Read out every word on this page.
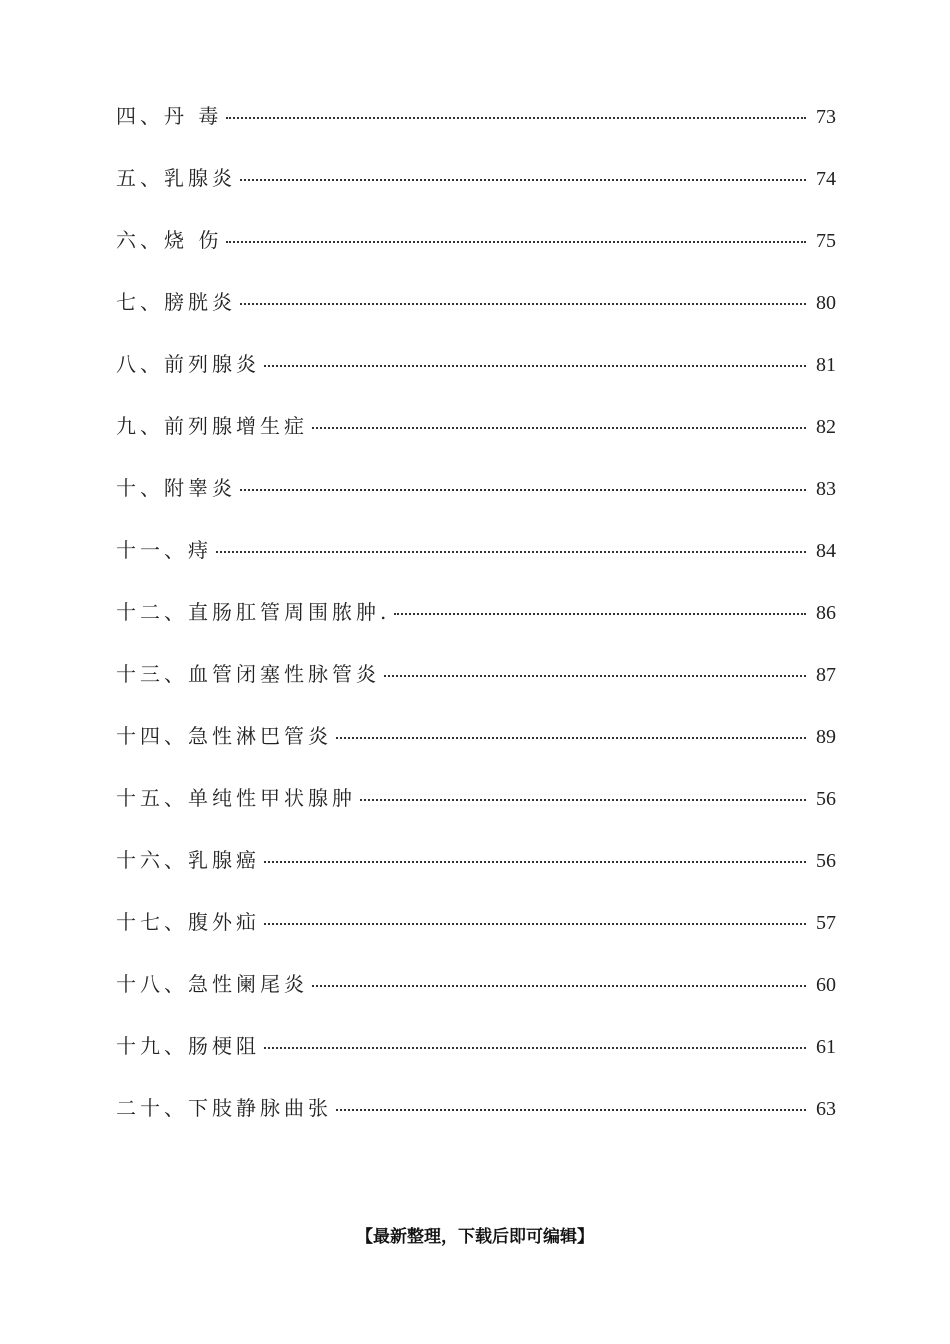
四、丹 毒	73
五、乳腺炎	74
六、烧 伤	75
七、膀胱炎	80
八、前列腺炎	81
九、前列腺增生症	82
十、附睾炎	83
十一、痔	84
十二、直肠肛管周围脓肿.	86
十三、血管闭塞性脉管炎	87
十四、急性淋巴管炎	89
十五、单纯性甲状腺肿	56
十六、乳腺癌	56
十七、腹外疝	57
十八、急性阑尾炎	60
十九、肠梗阻	61
二十、下肢静脉曲张	63
【最新整理，下载后即可编辑】
